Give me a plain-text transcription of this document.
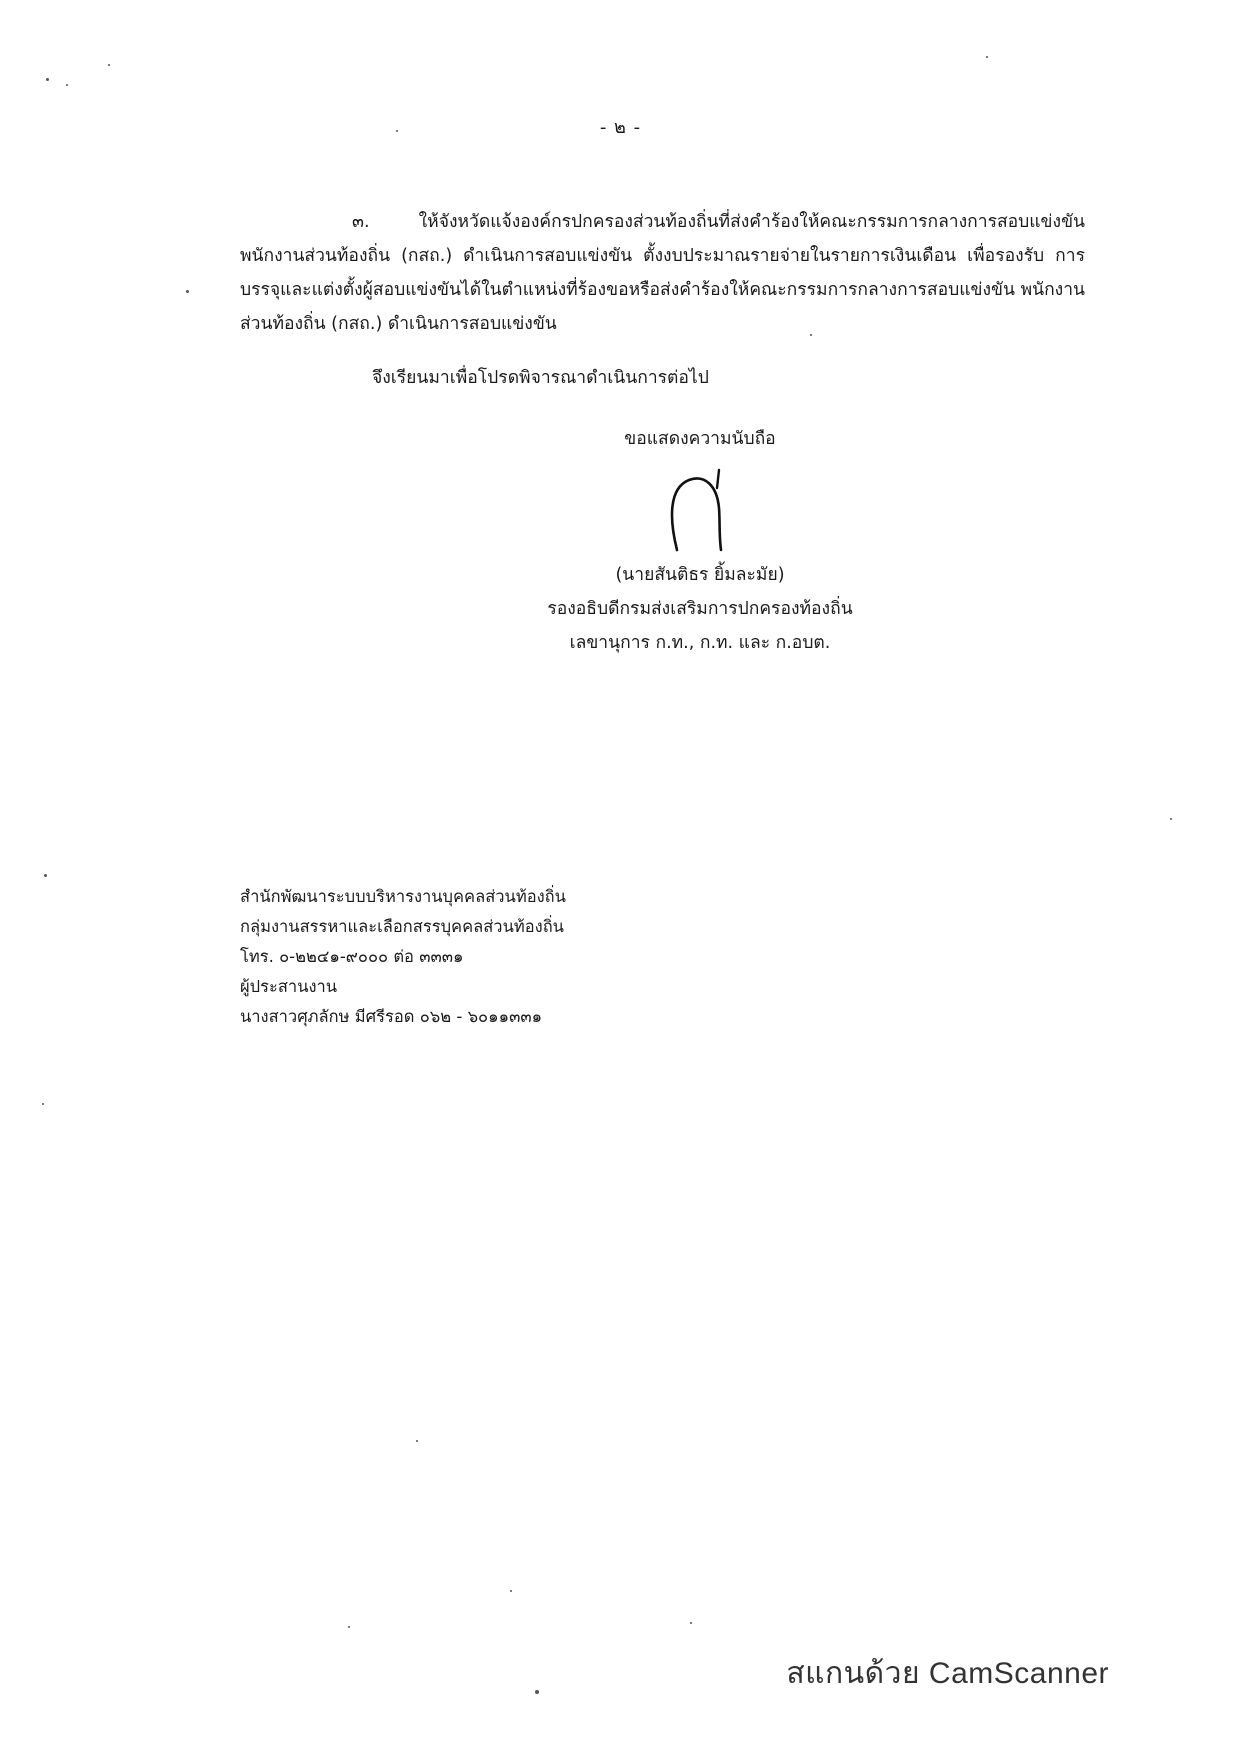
- ๒ -

๓. ให้จังหวัดแจ้งองค์กรปกครองส่วนท้องถิ่นที่ส่งคำร้องให้คณะกรรมการกลางการสอบแข่งขัน พนักงานส่วนท้องถิ่น (กสถ.) ดำเนินการสอบแข่งขัน ตั้งงบประมาณรายจ่ายในรายการเงินเดือน เพื่อรองรับ การบรรจุและแต่งตั้งผู้สอบแข่งขันได้ในตำแหน่งที่ร้องขอหรือส่งคำร้องให้คณะกรรมการกลางการสอบแข่งขัน พนักงานส่วนท้องถิ่น (กสถ.) ดำเนินการสอบแข่งขัน

จึงเรียนมาเพื่อโปรดพิจารณาดำเนินการต่อไป

ขอแสดงความนับถือ
(นายสันติธร ยิ้มละมัย)
รองอธิบดีกรมส่งเสริมการปกครองท้องถิ่น
เลขานุการ ก.ท., ก.ท. และ ก.อบต.
สำนักพัฒนาระบบบริหารงานบุคคลส่วนท้องถิ่น
กลุ่มงานสรรหาและเลือกสรรบุคคลส่วนท้องถิ่น
โทร. ๐-๒๒๔๑-๙๐๐๐ ต่อ ๓๓๓๑
ผู้ประสานงาน
นางสาวศุภลักษ มีศรีรอด ๐๖๒ - ๖๐๑๑๓๓๑
สแกนด้วย CamScanner
